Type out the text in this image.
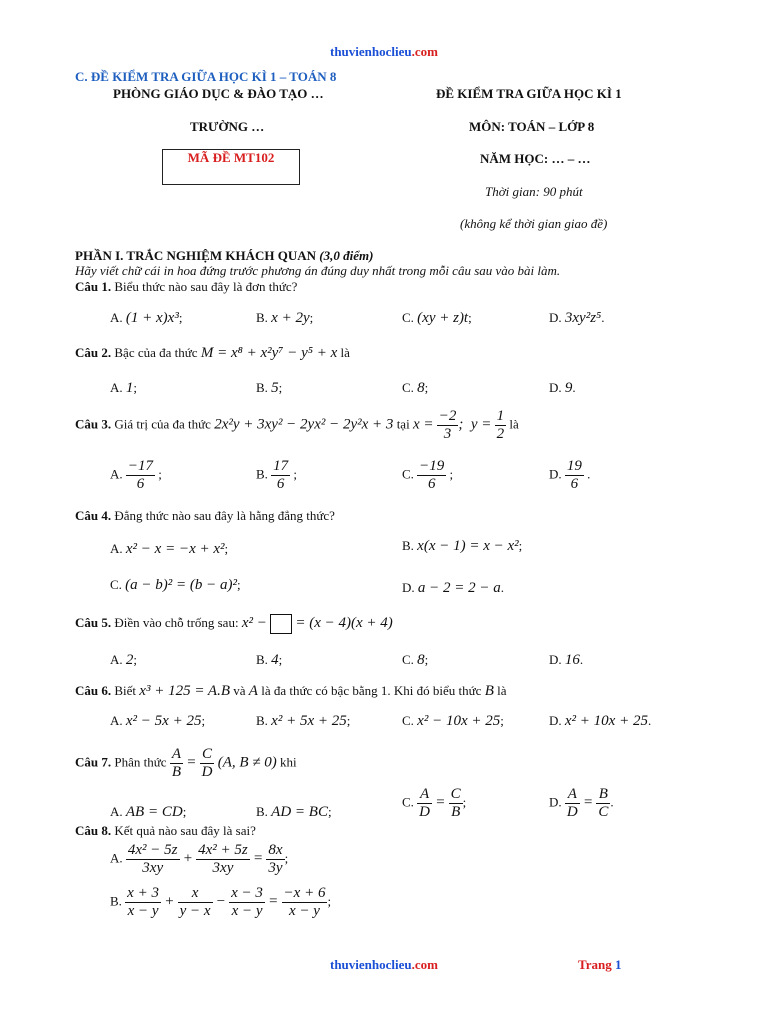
thuvienhoclieu.com
C. ĐỀ KIỂM TRA GIỮA HỌC KÌ 1 – TOÁN 8
PHÒNG GIÁO DỤC & ĐÀO TẠO …
TRƯỜNG …
MÃ ĐỀ MT102
ĐỀ KIỂM TRA GIỮA HỌC KÌ 1
MÔN: TOÁN – LỚP 8
NĂM HỌC: … – …
Thời gian: 90 phút
(không kể thời gian giao đề)
PHẦN I. TRẮC NGHIỆM KHÁCH QUAN (3,0 điểm)
Hãy viết chữ cái in hoa đứng trước phương án đúng duy nhất trong mỗi câu sau vào bài làm.
Câu 1. Biểu thức nào sau đây là đơn thức?
A. (1 + x)x³;	B. x + 2y;	C. (xy + z)t;	D. 3xy²z⁵.
Câu 2. Bậc của đa thức M = x⁸ + x²y⁷ − y⁵ + x là
A. 1;	B. 5;	C. 8;	D. 9.
Câu 3. Giá trị của đa thức 2x²y + 3xy² − 2yx² − 2y²x + 3 tại $x = \frac{-2}{3}$ ;  $y = \frac{1}{2}$ là
A. $\frac{-17}{6}$ ;	B. $\frac{17}{6}$ ;	C. $\frac{-19}{6}$ ;	D. $\frac{19}{6}$ .
Câu 4. Đẳng thức nào sau đây là hằng đẳng thức?
A. x² − x = −x + x²;	B. x(x − 1) = x − x²;
C. (a − b)² = (b − a)²;	D. a − 2 = 2 − a.
Câu 5. Điền vào chỗ trống sau: x² − = (x − 4)(x + 4)
A. 2;	B. 4;	C. 8;	D. 16.
Câu 6. Biết x³ + 125 = A.B và A là đa thức có bậc bằng 1. Khi đó biểu thức B là
A. x² − 5x + 25;	B. x² + 5x + 25;	C. x² − 10x + 25;	D. x² + 10x + 25.
Câu 7. Phân thức $\frac{A}{B} = \frac{C}{D} (A$, B ≠ 0) khi
A. AB = CD;	B. AD = BC;
C. $\frac{A}{D} = \frac{C}{B}$ ;	D. $\frac{A}{D} = \frac{B}{C}$ .
Câu 8. Kết quả nào sau đây là sai?
A. $\frac{\text{4x² − 5z}}{3xy} + \frac{\text{4x² + 5z}}{3xy} = \frac{8x}{3y}$ ;
B. $\frac{x + 3}{x - y} + \frac{x}{y - x} - \frac{x - 3}{x - y} = \frac{-x + 6}{x - y}$ ;
thuvienhoclieu.com	Trang 1
